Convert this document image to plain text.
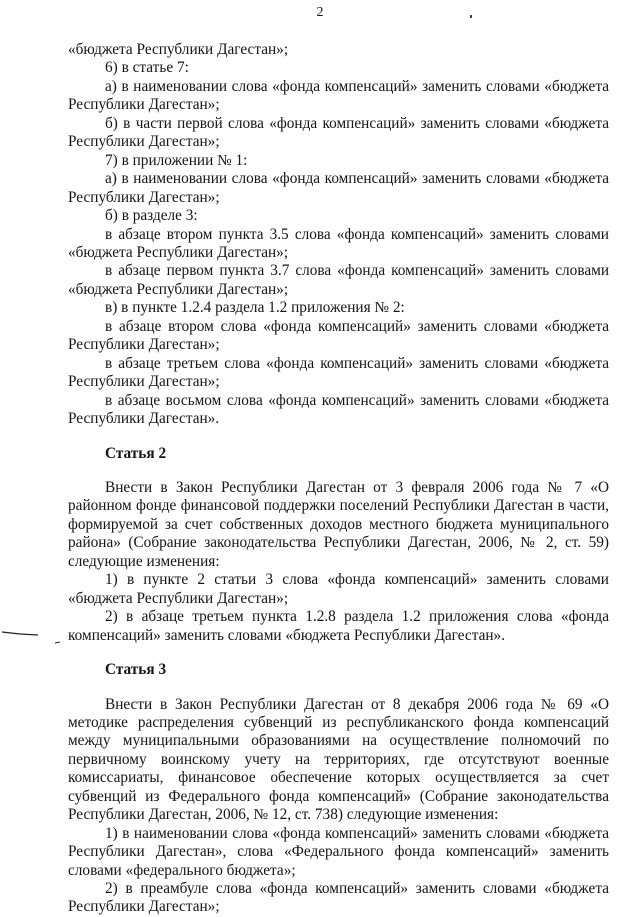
2

«бюджета Республики Дагестан»;

6) в статье 7:

а) в наименовании слова «фонда компенсаций» заменить словами «бюджета Республики Дагестан»;

б) в части первой слова «фонда компенсаций» заменить словами «бюджета Республики Дагестан»;

7) в приложении № 1:

а) в наименовании слова «фонда компенсаций» заменить словами «бюджета Республики Дагестан»;

б) в разделе 3:

в абзаце втором пункта 3.5 слова «фонда компенсаций» заменить словами «бюджета Республики Дагестан»;

в абзаце первом пункта 3.7 слова «фонда компенсаций» заменить словами «бюджета Республики Дагестан»;

в) в пункте 1.2.4 раздела 1.2 приложения № 2:

в абзаце втором слова «фонда компенсаций» заменить словами «бюджета Республики Дагестан»;

в абзаце третьем слова «фонда компенсаций» заменить словами «бюджета Республики Дагестан»;

в абзаце восьмом слова «фонда компенсаций» заменить словами «бюджета Республики Дагестан».

Статья 2

Внести в Закон Республики Дагестан от 3 февраля 2006 года № 7 «О районном фонде финансовой поддержки поселений Республики Дагестан в части, формируемой за счет собственных доходов местного бюджета муниципального района» (Собрание законодательства Республики Дагестан, 2006, № 2, ст. 59) следующие изменения:

1) в пункте 2 статьи 3 слова «фонда компенсаций» заменить словами «бюджета Республики Дагестан»;

2) в абзаце третьем пункта 1.2.8 раздела 1.2 приложения слова «фонда компенсаций» заменить словами «бюджета Республики Дагестан».

Статья 3

Внести в Закон Республики Дагестан от 8 декабря 2006 года № 69 «О методике распределения субвенций из республиканского фонда компенсаций между муниципальными образованиями на осуществление полномочий по первичному воинскому учету на территориях, где отсутствуют военные комиссариаты, финансовое обеспечение которых осуществляется за счет субвенций из Федерального фонда компенсаций» (Собрание законодательства Республики Дагестан, 2006, № 12, ст. 738) следующие изменения:

1) в наименовании слова «фонда компенсаций» заменить словами «бюджета Республики Дагестан», слова «Федерального фонда компенсаций» заменить словами «федерального бюджета»;

2) в преамбуле слова «фонда компенсаций» заменить словами «бюджета Республики Дагестан»;
